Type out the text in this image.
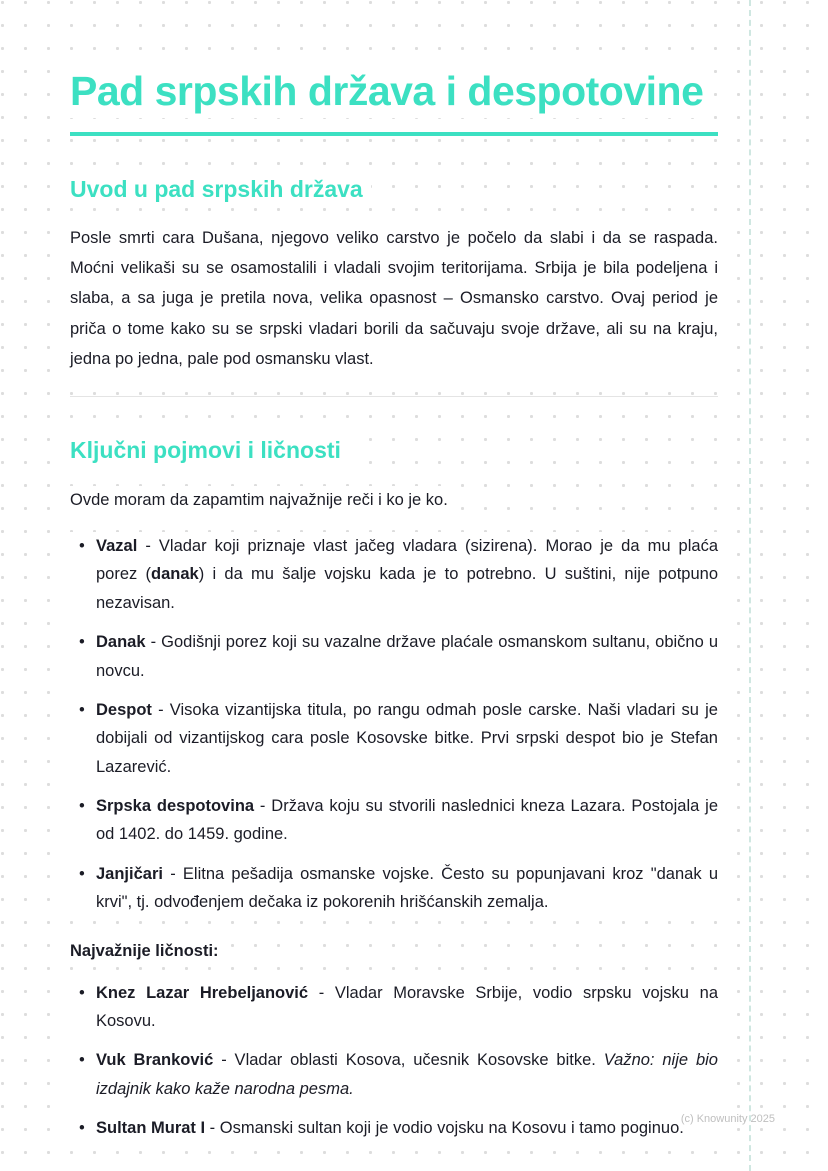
Pad srpskih država i despotovine
Uvod u pad srpskih država

Posle smrti cara Dušana, njegovo veliko carstvo je počelo da slabi i da se raspada. Moćni velikaši su se osamostalili i vladali svojim teritorijama. Srbija je bila podeljena i slaba, a sa juga je pretila nova, velika opasnost – Osmansko carstvo. Ovaj period je priča o tome kako su se srpski vladari borili da sačuvaju svoje države, ali su na kraju, jedna po jedna, pale pod osmansku vlast.

Ključni pojmovi i ličnosti

Ovde moram da zapamtim najvažnije reči i ko je ko.

• Vazal - Vladar koji priznaje vlast jačeg vladara (sizirena). Morao je da mu plaća porez (danak) i da mu šalje vojsku kada je to potrebno. U suštini, nije potpuno nezavisan.
• Danak - Godišnji porez koji su vazalne države plaćale osmanskom sultanu, obično u novcu.
• Despot - Visoka vizantijska titula, po rangu odmah posle carske. Naši vladari su je dobijali od vizantijskog cara posle Kosovske bitke. Prvi srpski despot bio je Stefan Lazarević.
• Srpska despotovina - Država koju su stvorili naslednici kneza Lazara. Postojala je od 1402. do 1459. godine.
• Janjičari - Elitna pešadija osmanske vojske. Često su popunjavani kroz "danak u krvi", tj. odvođenjem dečaka iz pokorenih hrišćanskih zemalja.

Najvažnije ličnosti:

• Knez Lazar Hrebeljanović - Vladar Moravske Srbije, vodio srpsku vojsku na Kosovu.
• Vuk Branković - Vladar oblasti Kosova, učesnik Kosovske bitke. Važno: nije bio izdajnik kako kaže narodna pesma.
• Sultan Murat I - Osmanski sultan koji je vodio vojsku na Kosovu i tamo poginuo.
(c) Knowunity 2025
